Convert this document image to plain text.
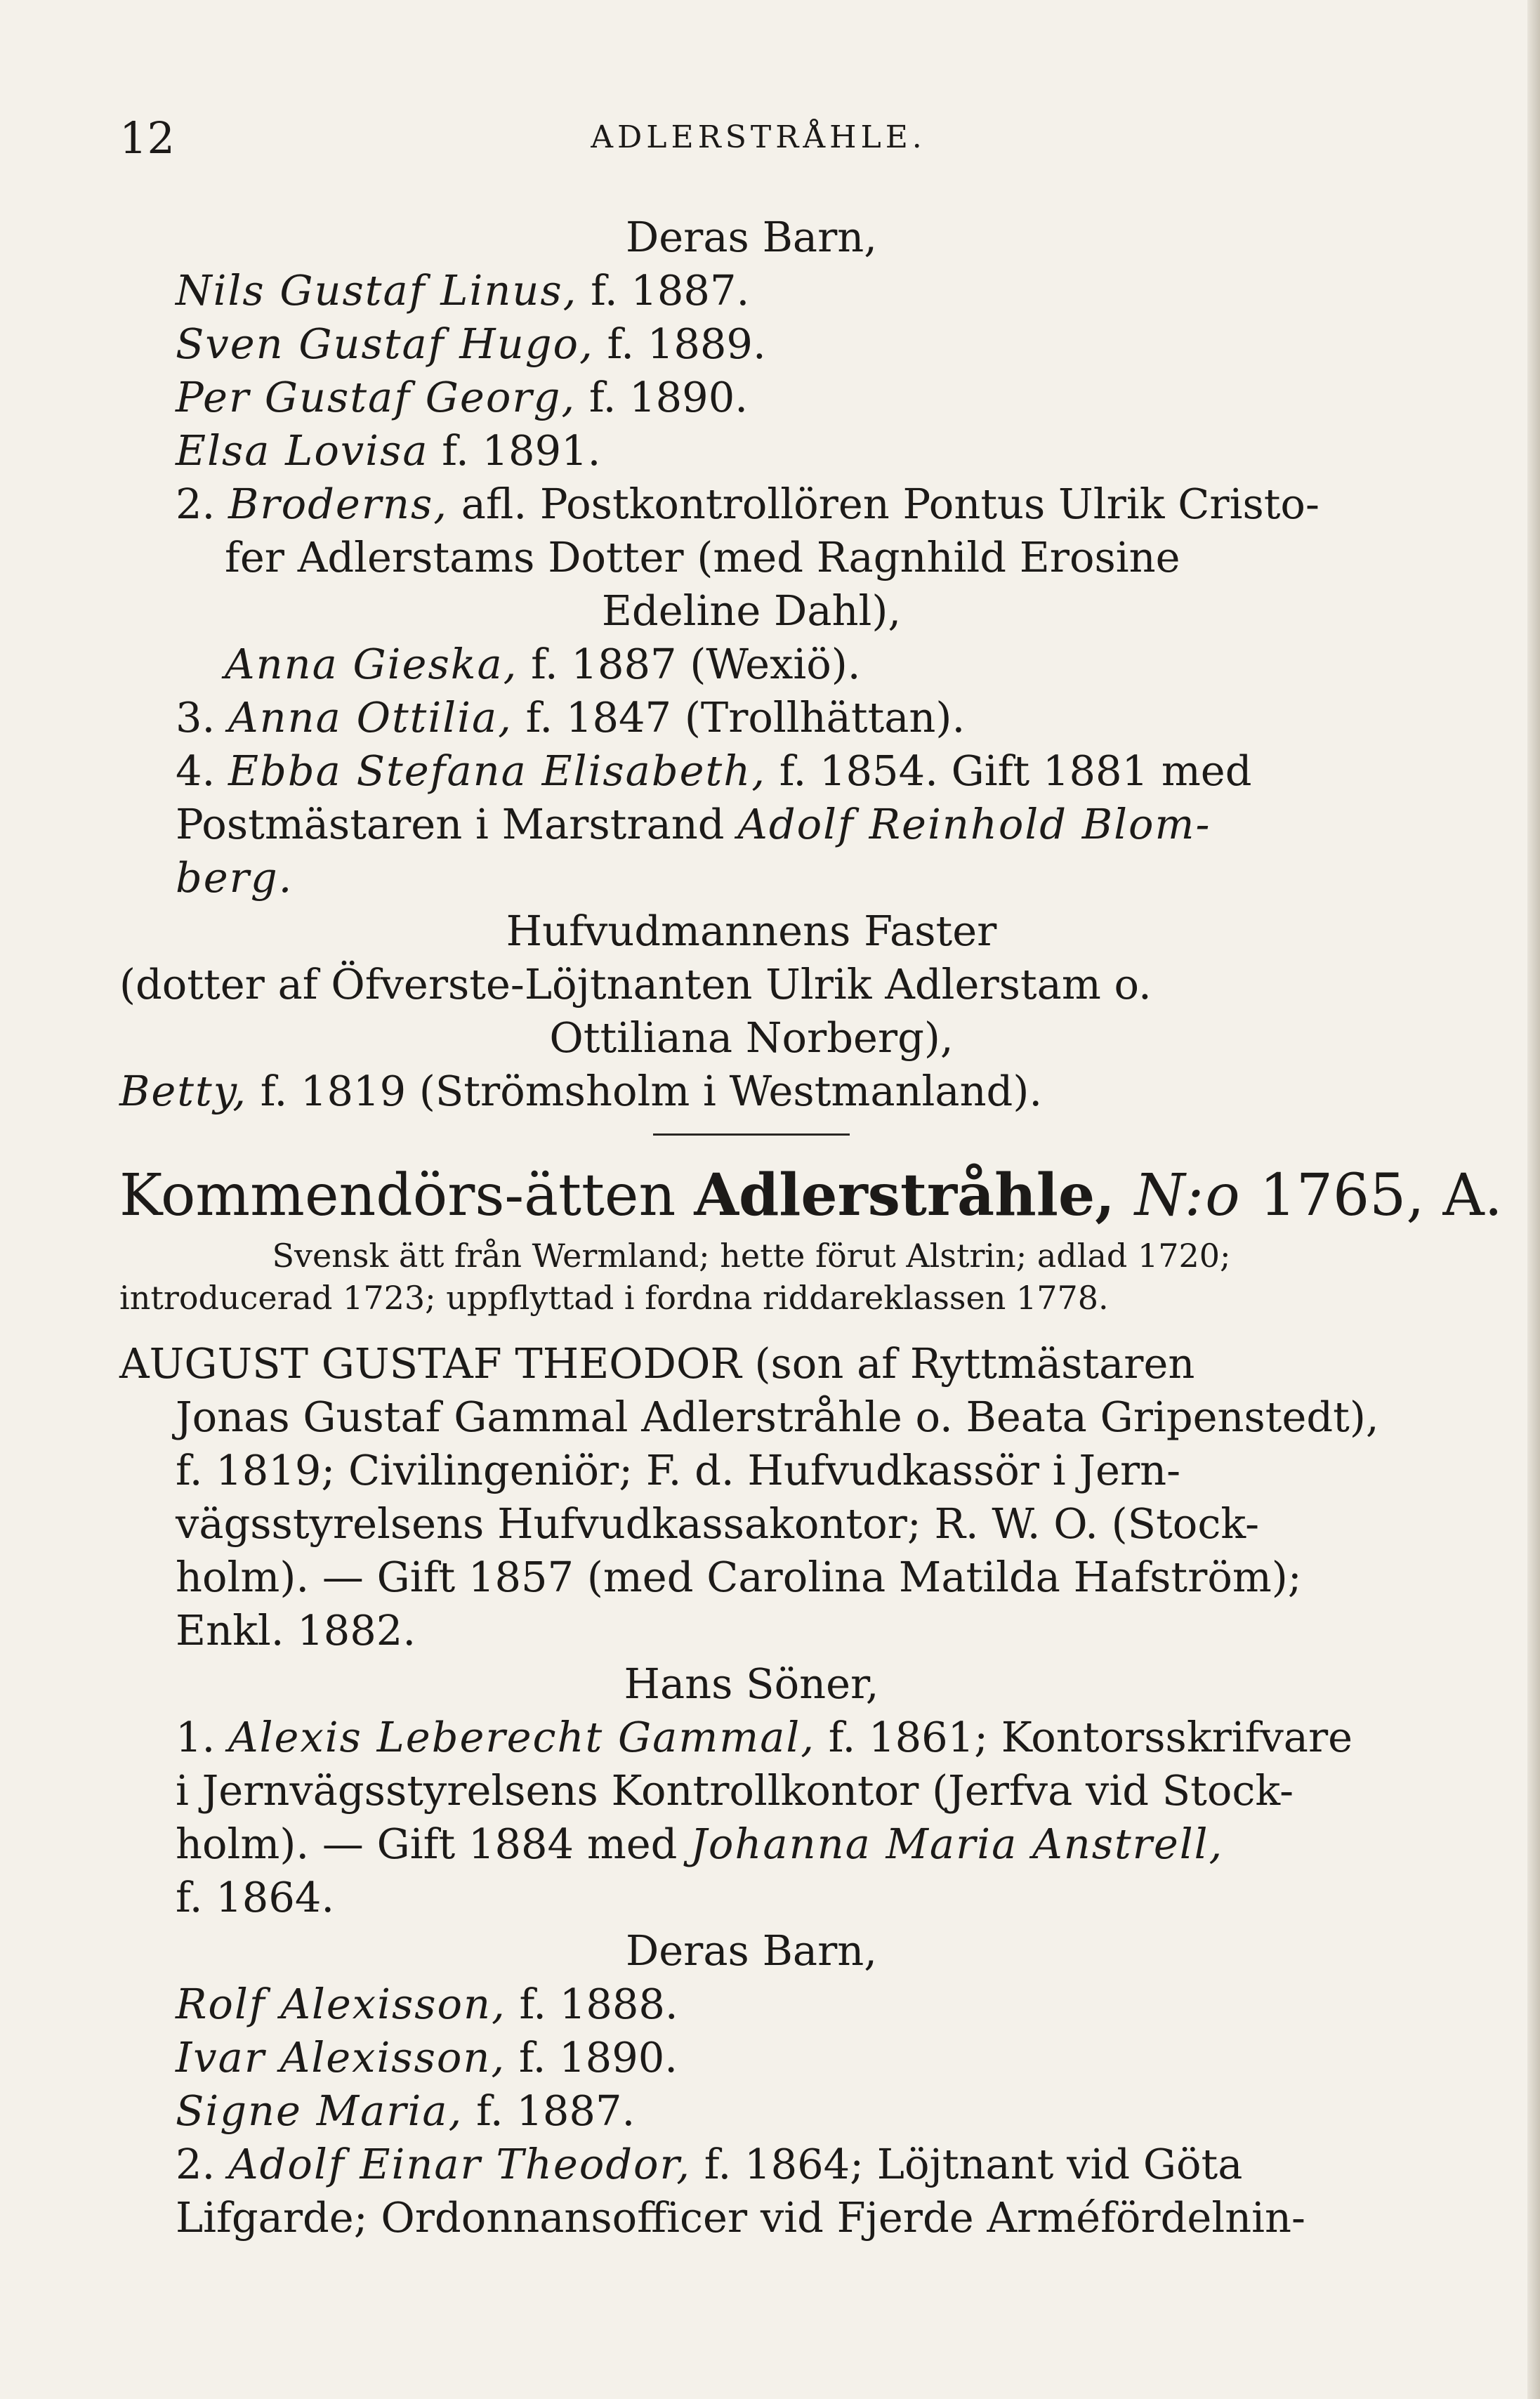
12	ADLERSTRÅHLE.
Deras Barn,
Nils Gustaf Linus, f. 1887.
Sven Gustaf Hugo, f. 1889.
Per Gustaf Georg, f. 1890.
Elsa Lovisa f. 1891.
2. Broderns, afl. Postkontrollören Pontus Ulrik Cristo-
fer Adlerstams Dotter (med Ragnhild Erosine
Edeline Dahl),
Anna Gieska, f. 1887 (Wexiö).
3. Anna Ottilia, f. 1847 (Trollhättan).
4. Ebba Stefana Elisabeth, f. 1854. Gift 1881 med
Postmästaren i Marstrand Adolf Reinhold Blom-
berg.
Hufvudmannens Faster
(dotter af Öfverste-Löjtnanten Ulrik Adlerstam o.
Ottiliana Norberg),
Betty, f. 1819 (Strömsholm i Westmanland).
Kommendörs-ätten Adlerstråhle, N:o 1765, A.
Svensk ätt från Wermland; hette förut Alstrin; adlad 1720;
introducerad 1723; uppflyttad i fordna riddareklassen 1778.
AUGUST GUSTAF THEODOR (son af Ryttmästaren
Jonas Gustaf Gammal Adlerstråhle o. Beata Gripenstedt),
f. 1819; Civilingeniör; F. d. Hufvudkassör i Jern-
vägsstyrelsens Hufvudkassakontor; R. W. O. (Stock-
holm). — Gift 1857 (med Carolina Matilda Hafström);
Enkl. 1882.
Hans Söner,
1. Alexis Leberecht Gammal, f. 1861; Kontorsskrifvare
i Jernvägsstyrelsens Kontrollkontor (Jerfva vid Stock-
holm). — Gift 1884 med Johanna Maria Anstrell,
f. 1864.
Deras Barn,
Rolf Alexisson, f. 1888.
Ivar Alexisson, f. 1890.
Signe Maria, f. 1887.
2. Adolf Einar Theodor, f. 1864; Löjtnant vid Göta
Lifgarde; Ordonnansofficer vid Fjerde Arméfördelnin-
